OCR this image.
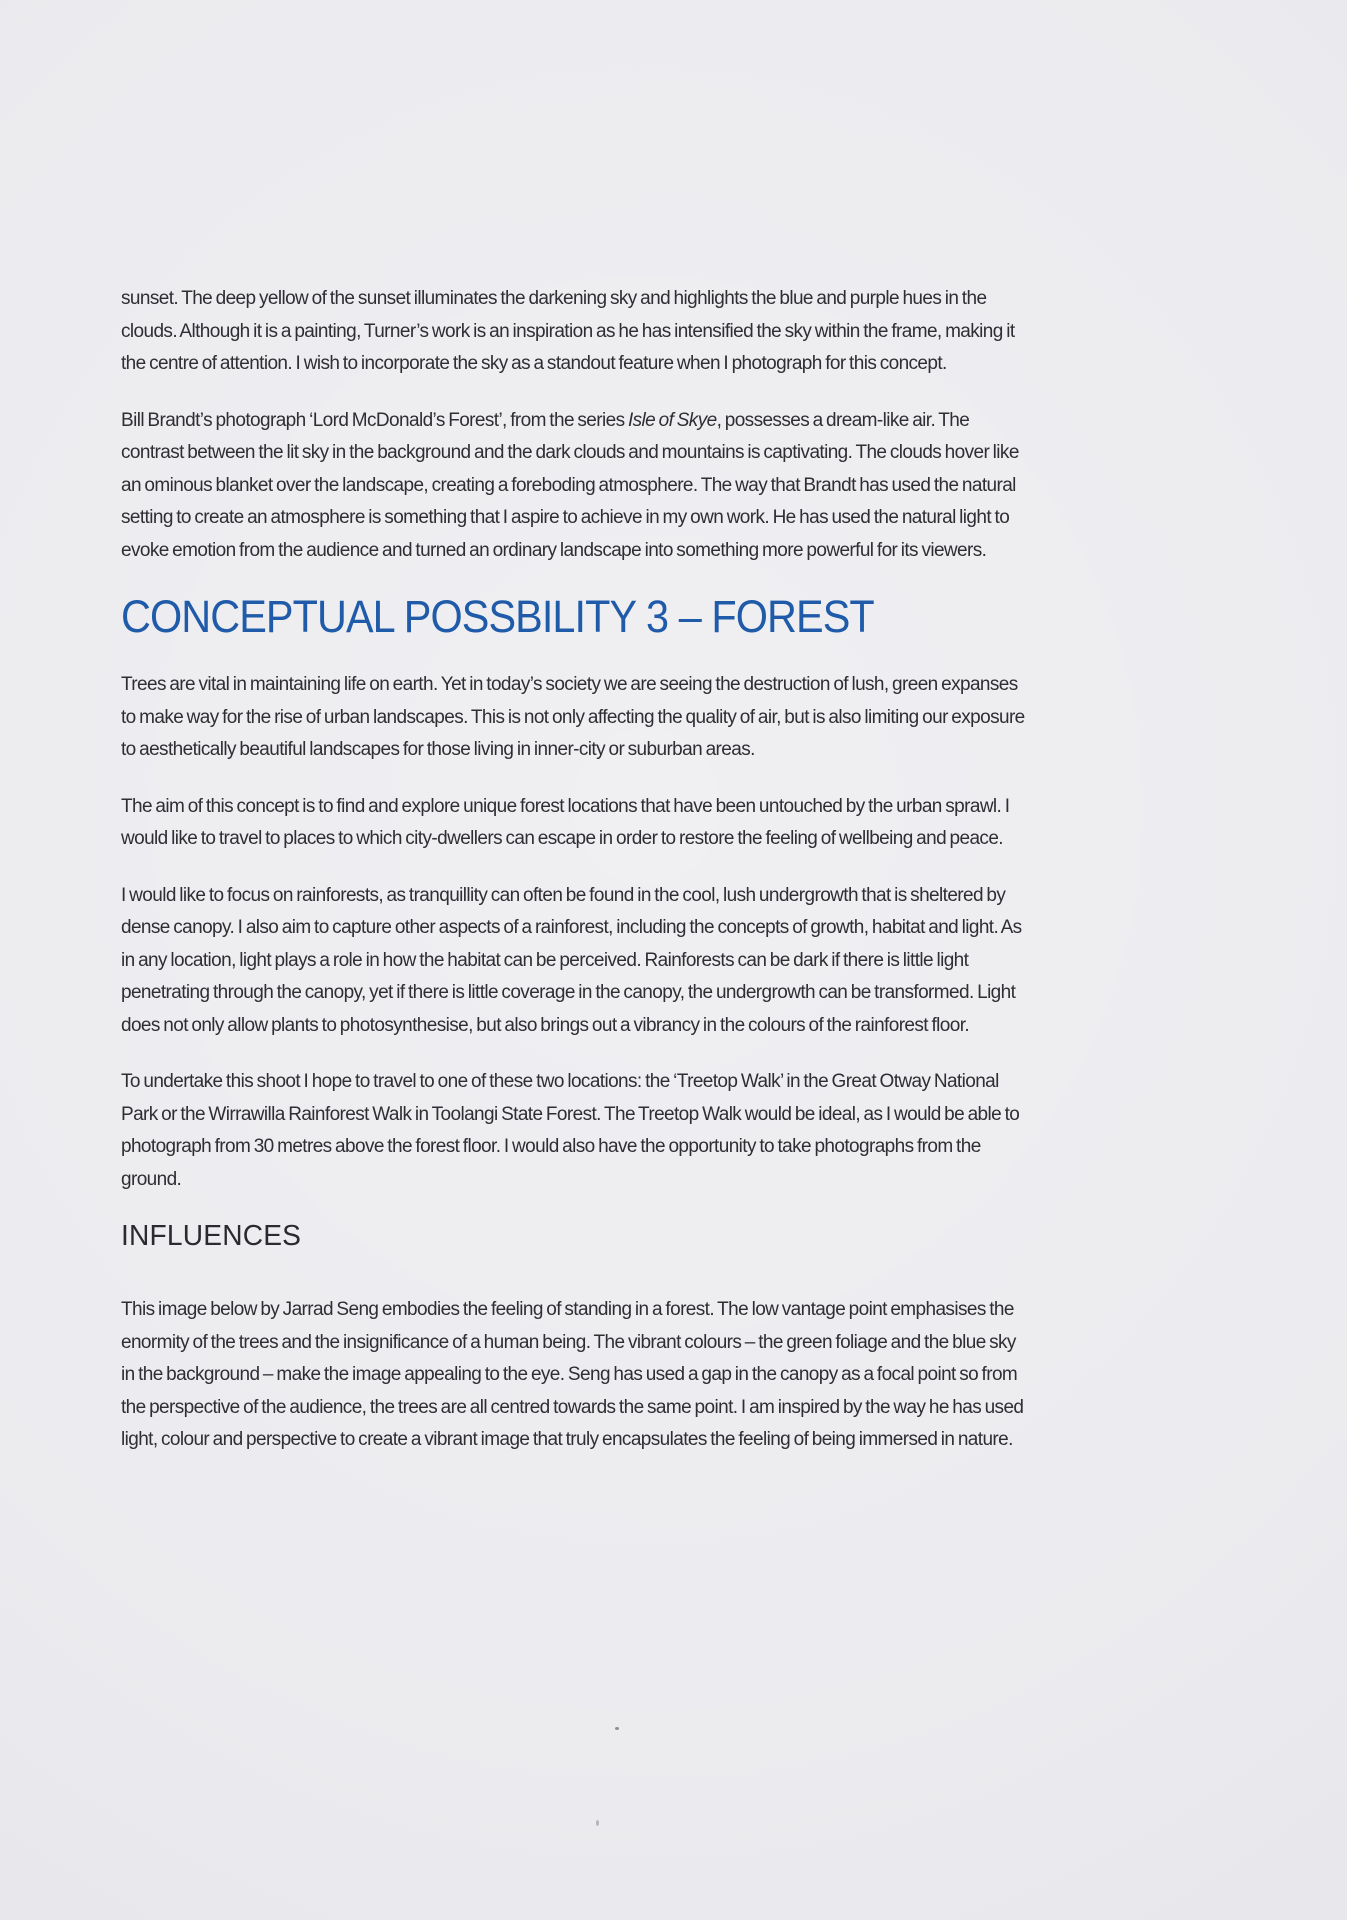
sunset. The deep yellow of the sunset illuminates the darkening sky and highlights the blue and purple hues in the clouds. Although it is a painting, Turner’s work is an inspiration as he has intensified the sky within the frame, making it the centre of attention. I wish to incorporate the sky as a standout feature when I photograph for this concept.

Bill Brandt’s photograph ‘Lord McDonald’s Forest’, from the series Isle of Skye, possesses a dream-like air. The contrast between the lit sky in the background and the dark clouds and mountains is captivating. The clouds hover like an ominous blanket over the landscape, creating a foreboding atmosphere. The way that Brandt has used the natural setting to create an atmosphere is something that I aspire to achieve in my own work. He has used the natural light to evoke emotion from the audience and turned an ordinary landscape into something more powerful for its viewers.

CONCEPTUAL POSSBILITY 3 – FOREST

Trees are vital in maintaining life on earth. Yet in today’s society we are seeing the destruction of lush, green expanses to make way for the rise of urban landscapes. This is not only affecting the quality of air, but is also limiting our exposure to aesthetically beautiful landscapes for those living in inner-city or suburban areas.

The aim of this concept is to find and explore unique forest locations that have been untouched by the urban sprawl. I would like to travel to places to which city-dwellers can escape in order to restore the feeling of wellbeing and peace.

I would like to focus on rainforests, as tranquillity can often be found in the cool, lush undergrowth that is sheltered by dense canopy. I also aim to capture other aspects of a rainforest, including the concepts of growth, habitat and light. As in any location, light plays a role in how the habitat can be perceived. Rainforests can be dark if there is little light penetrating through the canopy, yet if there is little coverage in the canopy, the undergrowth can be transformed. Light does not only allow plants to photosynthesise, but also brings out a vibrancy in the colours of the rainforest floor.

To undertake this shoot I hope to travel to one of these two locations: the ‘Treetop Walk’ in the Great Otway National Park or the Wirrawilla Rainforest Walk in Toolangi State Forest. The Treetop Walk would be ideal, as I would be able to photograph from 30 metres above the forest floor. I would also have the opportunity to take photographs from the ground.

INFLUENCES

This image below by Jarrad Seng embodies the feeling of standing in a forest. The low vantage point emphasises the enormity of the trees and the insignificance of a human being. The vibrant colours – the green foliage and the blue sky in the background – make the image appealing to the eye. Seng has used a gap in the canopy as a focal point so from the perspective of the audience, the trees are all centred towards the same point. I am inspired by the way he has used light, colour and perspective to create a vibrant image that truly encapsulates the feeling of being immersed in nature.
